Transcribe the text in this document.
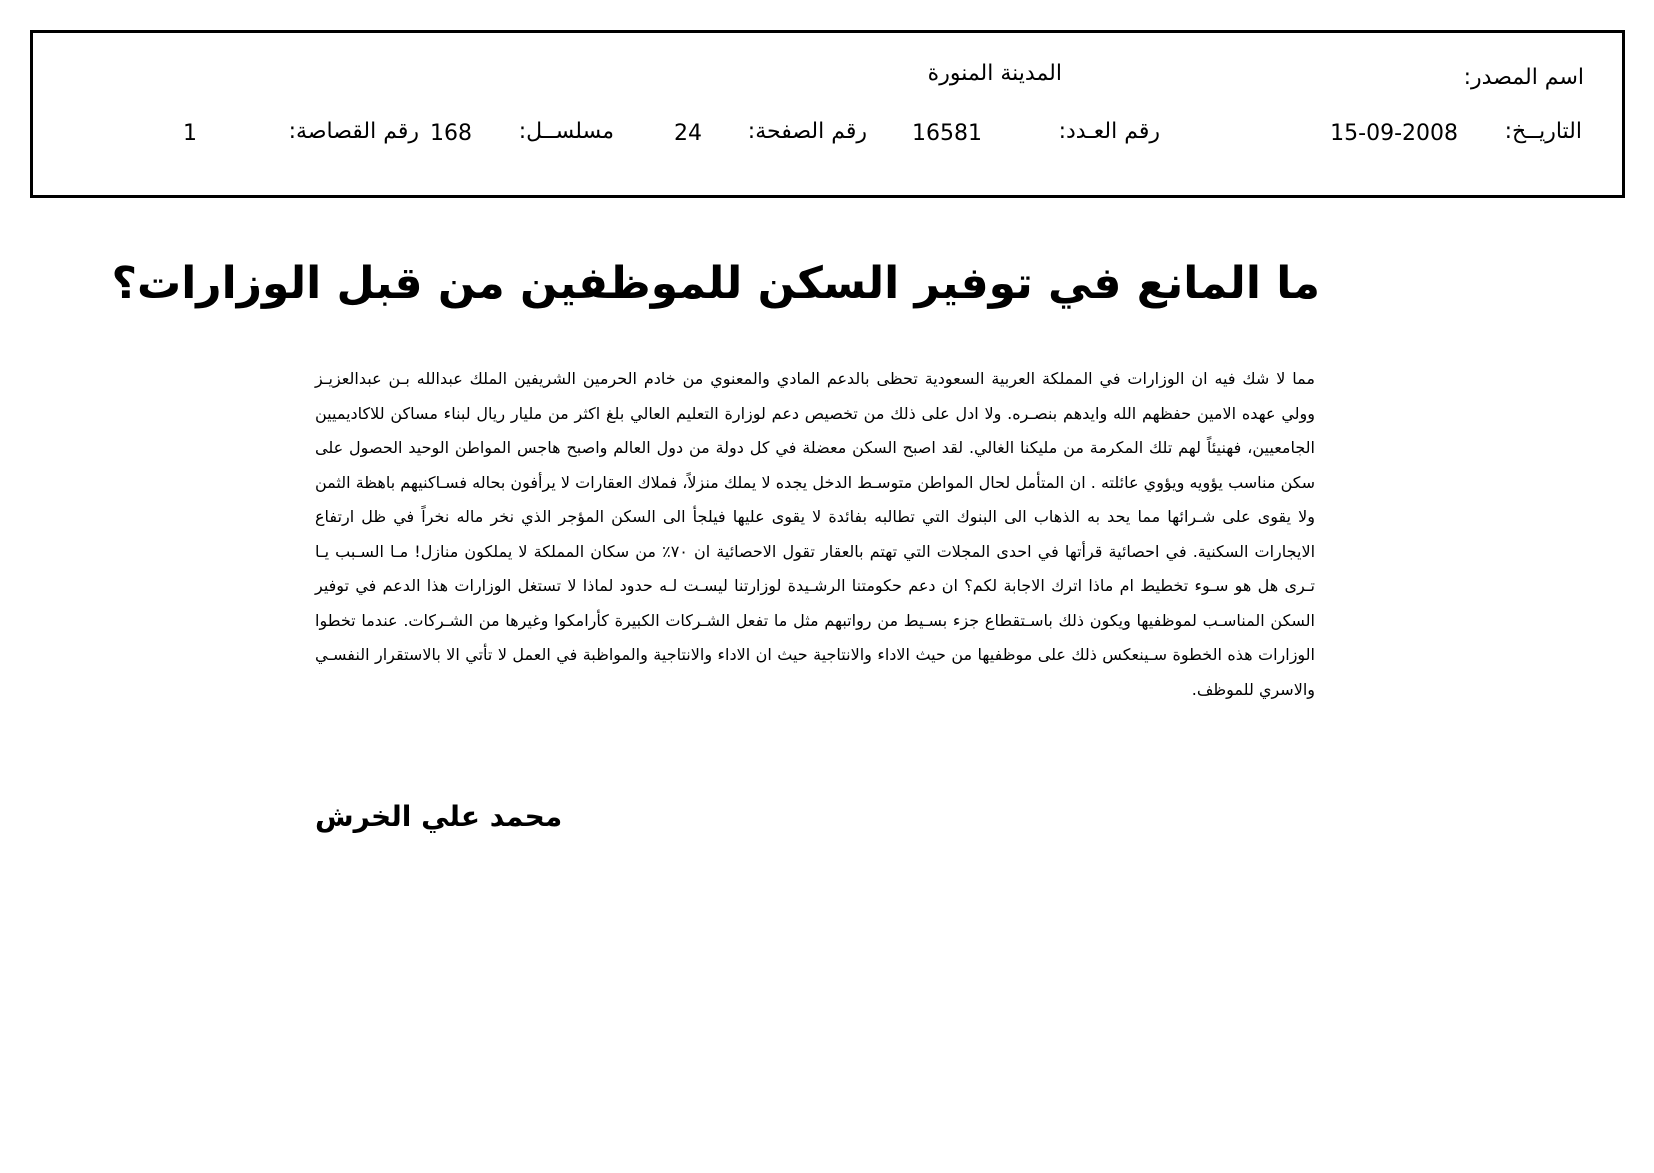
اسم المصدر:
المدينة المنورة
التاريــخ:
15-09-2008
رقم العـدد:
16581
رقم الصفحة:
24
مسلســل:
168
رقم القصاصة:
1
ما المانع في توفير السكن للموظفين من قبل الوزارات؟

مما لا شك فيه ان الوزارات في المملكة العربية السعودية تحظى بالدعم المادي والمعنوي من خادم الحرمين الشريفين الملك عبدالله بـن عبدالعزيـز وولي عهده الامين حفظهم الله وايدهم بنصـره. ولا ادل على ذلك من تخصيص دعم لوزارة التعليم العالي بلغ اكثر من مليار ريال لبناء مساكن للاكاديميين الجامعيين، فهنيئاً لهم تلك المكرمة من مليكنا الغالي. لقد اصبح السكن معضلة في كل دولة من دول العالم واصبح هاجس المواطن الوحيد الحصول على سكن مناسب يؤويه ويؤوي عائلته . ان المتأمل لحال المواطن متوسـط الدخل يجده لا يملك منزلاً، فملاك العقارات لا يرأفون بحاله فسـاكنيهم باهظة الثمن ولا يقوى على شـرائها مما يحد به الذهاب الى البنوك التي تطالبه بفائدة لا يقوى عليها فيلجأ الى السكن المؤجر الذي نخر ماله نخراً في ظل ارتفاع الايجارات السكنية. في احصائية قرأتها في احدى المجلات التي تهتم بالعقار تقول الاحصائية ان ٧٠٪ من سكان المملكة لا يملكون منازل! مـا السـبب يـا تـرى هل هو سـوء تخطيط ام ماذا اترك الاجابة لكم؟ ان دعم حكومتنا الرشـيدة لوزارتنا ليسـت لـه حدود لماذا لا تستغل الوزارات هذا الدعم في توفير السكن المناسـب لموظفيها ويكون ذلك باسـتقطاع جزء بسـيط من رواتبهم مثل ما تفعل الشـركات الكبيرة كأرامكوا وغيرها من الشـركات. عندما تخطوا الوزارات هذه الخطوة سـينعكس ذلك على موظفيها من حيث الاداء والانتاجية حيث ان الاداء والانتاجية والمواظبة في العمل لا تأتي الا بالاستقرار النفسـي والاسري للموظف.

محمد علي الخرش
